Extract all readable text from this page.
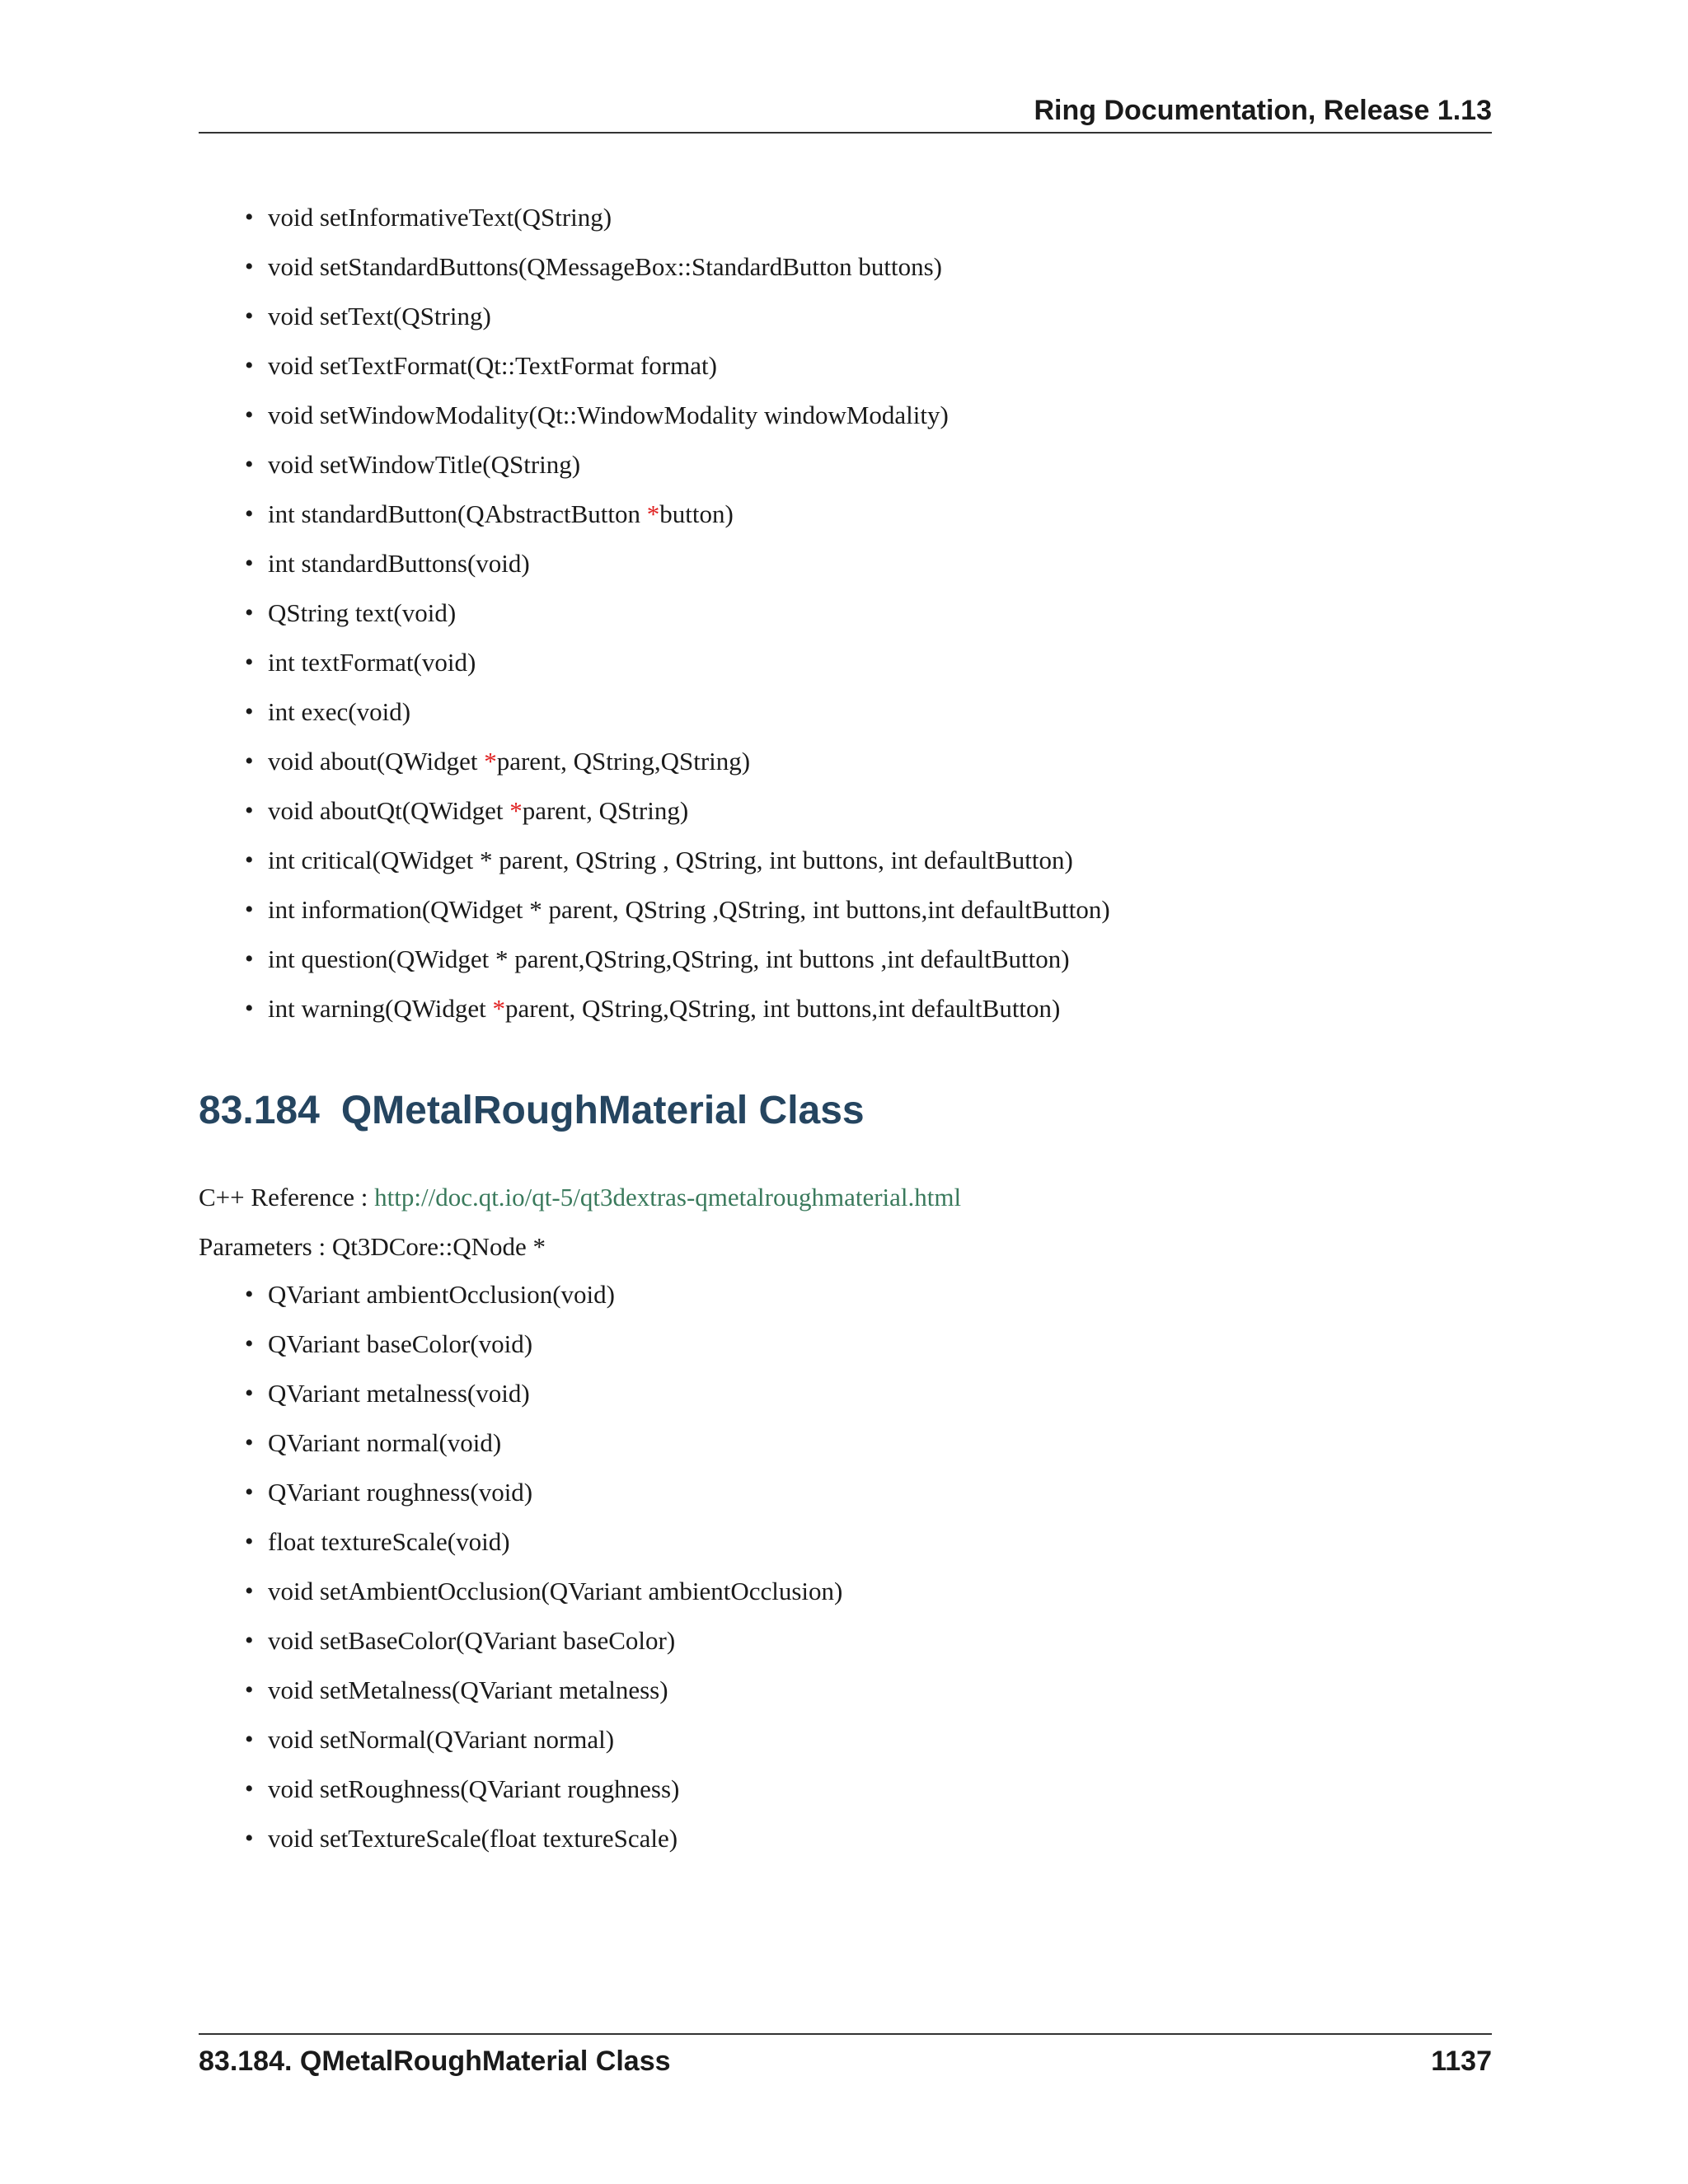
Ring Documentation, Release 1.13
• void setInformativeText(QString)
• void setStandardButtons(QMessageBox::StandardButton buttons)
• void setText(QString)
• void setTextFormat(Qt::TextFormat format)
• void setWindowModality(Qt::WindowModality windowModality)
• void setWindowTitle(QString)
• int standardButton(QAbstractButton *button)
• int standardButtons(void)
• QString text(void)
• int textFormat(void)
• int exec(void)
• void about(QWidget *parent, QString,QString)
• void aboutQt(QWidget *parent, QString)
• int critical(QWidget * parent, QString , QString, int buttons, int defaultButton)
• int information(QWidget * parent, QString ,QString, int buttons,int defaultButton)
• int question(QWidget * parent,QString,QString, int buttons ,int defaultButton)
• int warning(QWidget *parent, QString,QString, int buttons,int defaultButton)
83.184 QMetalRoughMaterial Class
C++ Reference : http://doc.qt.io/qt-5/qt3dextras-qmetalroughmaterial.html
Parameters : Qt3DCore::QNode *
• QVariant ambientOcclusion(void)
• QVariant baseColor(void)
• QVariant metalness(void)
• QVariant normal(void)
• QVariant roughness(void)
• float textureScale(void)
• void setAmbientOcclusion(QVariant ambientOcclusion)
• void setBaseColor(QVariant baseColor)
• void setMetalness(QVariant metalness)
• void setNormal(QVariant normal)
• void setRoughness(QVariant roughness)
• void setTextureScale(float textureScale)
83.184. QMetalRoughMaterial Class	1137
